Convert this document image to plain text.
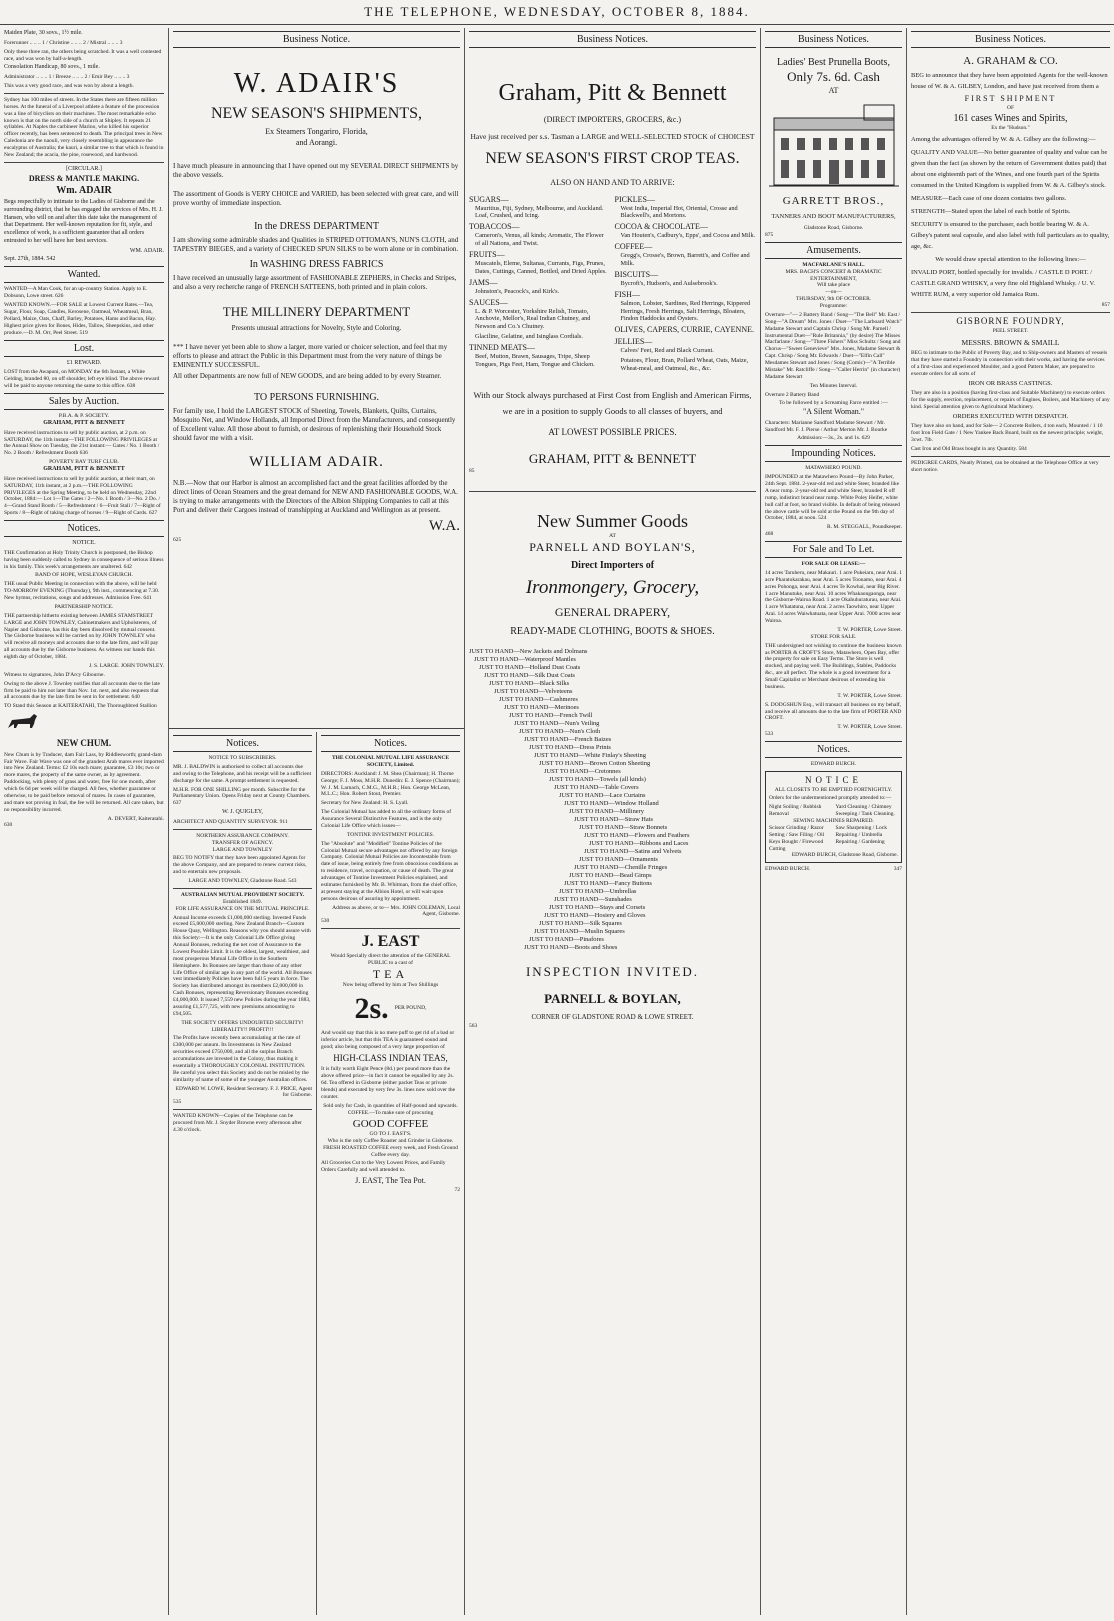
THE TELEPHONE, WEDNESDAY, OCTOBER 8, 1884.
Maiden Plate, 30 sovs., 1½ mile.
Forerunner .. .. .. 1 / Christine .. .. .. 2 / Mistral .. .. .. 3
Only these three ran, the others being scratched. It was a well contested race, and was won by half-a-length.
Consolation Handicap, 80 sovs., 1 mile.
Administrator .. .. .. 1 / Breeze .. .. .. 2 / Emir Bey .. .. .. 3
This was a very good race, and was won by about a length.
Sydney has 100 miles of streets. In the States there are fifteen million horses. At the funeral of a Liverpool athlete a feature of the procession was a line of bicyclists on their machines. The most remarkable echo known is that on the north side of a church at Shipley. It repeats 21 syllables. At Naples the carbineer Marino, who killed his superior officer recently, has been sentenced to death. The principal trees in New Caledonia are the naouli, very closely resembling in appearance the eucalyptus of Australia; the kauri, a similar tree to that which is found in New Zealand; the acacia, the pine, rosewood, and hardwood.
[CIRCULAR.]
DRESS & MANTLE MAKING.
Wm. ADAIR
Begs respectfully to intimate to the Ladies of Gisborne and the surrounding district, that he has engaged the services of Mrs. H. J. Hansen, who will on and after this date take the management of that Department. Her well-known reputation for fit, style, and excellence of work, is a sufficient guarantee that all orders entrusted to her will have her best services.
WM. ADAIR.
Sept. 27th, 1884. 542
Wanted.
WANTED—A Man Cook, for an up-country Station. Apply to E. Dobsonn, Lowe street. 626
WANTED KNOWN.—FOR SALE at Lowest Current Rates.—Tea, Sugar, Flour, Soap, Candles, Kerosene, Oatmeal, Wheatmeal, Bran, Pollard, Maize, Oats, Chaff, Barley, Potatoes, Hams and Bacon, Hay. Highest price given for Bones, Hides, Tallow, Sheepskins, and other produce.—D. M. Orr, Peel Street. 519
Lost.
£1 REWARD.
LOST from the Awapuni, on MONDAY the 6th Instant, a White Gelding, branded 80, on off shoulder, left eye blind. The above reward will be paid to anyone returning the same to this office. 638
Sales by Auction.
P.B.A. & P. SOCIETY.
GRAHAM, PITT & BENNETT
Have received instructions to sell by public auction, at 2 p.m. on SATURDAY, the 11th instant—THE FOLLOWING PRIVILEGES at the Annual Show on Tuesday, the 21st instant:— Gates / No. 1 Booth / No. 2 Booth / Refreshment Booth 636
POVERTY BAY TURF CLUB.
GRAHAM, PITT & BENNETT
Have received instructions to sell by public auction, at their mart, on SATURDAY, 11th instant, at 2 p.m.—THE FOLLOWING PRIVILEGES at the Spring Meeting, to be held on Wednesday, 22nd October, 1884:— Lot 1—The Gates / 2—No. 1 Booth / 3—No. 2 Do. / 4—Grand Stand Booth / 5—Refreshment / 6—Fruit Stall / 7—Right of Sports / 8—Right of taking charge of horses / 9—Right of Cards. 627
Notices.
NOTICE.
THE Confirmation at Holy Trinity Church is postponed, the Bishop having been suddenly called to Sydney in consequence of serious illness in his family. This week's arrangements are unaltered. 642
BAND OF HOPE, WESLEYAN CHURCH.
THE usual Public Meeting in connection with the above, will be held TO-MORROW EVENING (Thursday), 9th inst., commencing at 7.30. New hymns, recitations, songs and addresses. Admission Free. 641
PARTNERSHIP NOTICE.
THE partnership hitherto existing between JAMES STAMSTREET LARGE and JOHN TOWNLEY, Cabinetmakers and Upholsterers, of Napier and Gisborne, has this day been dissolved by mutual consent. The Gisborne business will be carried on by JOHN TOWNLEY who will receive all moneys and accounts due to the late firm, and will pay all accounts due by the Gisborne business. As witness our hands this eighth day of October, 1884.
J. S. LARGE. JOHN TOWNLEY.
Witness to signatures, John D'Arcy Gibourne.
Owing to the above J. Townley notifies that all accounts due to the late firm be paid to him not later than Nov. 1st. next, and also requests that all accounts due by the late firm be sent in for settlement. 640
TO Stand this Season at KAITERATAHI, The Thoroughbred Stallion
NEW CHUM.
New Chum is by Traducer, dam Fair Lass, by Riddlesworth; grand-dam Fair Wave. Fair Wave was one of the grandest Arab mares ever imported into New Zealand. Terms: £2 10s each mare; guarantee, £3 10s; two or more mares, the property of the same owner, as by agreement. Paddocking, with plenty of grass and water, free for one month, after which 6s 6d per week will be charged. All fees, whether guarantee or otherwise, to be paid before removal of mares. In cases of guarantee, and mare not proving in foal, the fee will be returned. All care taken, but no responsibility incurred.
A. DEVERT, Kaiteratahi.
630
Business Notice.
W. ADAIR'S
NEW SEASON'S SHIPMENTS,
Ex Steamers Tongariro, Florida,
and Aorangi.
I have much pleasure in announcing that I have opened out my SEVERAL DIRECT SHIPMENTS by the above vessels.
The assortment of Goods is VERY CHOICE and VARIED, has been selected with great care, and will prove worthy of immediate inspection.
In the DRESS DEPARTMENT
I am showing some admirable shades and Qualities in STRIPED OTTOMAN'S, NUN'S CLOTH, and TAPESTRY BIEGES, and a variety of CHECKED SPUN SILKS to be worn alone or in combination.
In WASHING DRESS FABRICS
I have received an unusually large assortment of FASHIONABLE ZEPHERS, in Checks and Stripes, and also a very recherche range of FRENCH SATTEENS, both printed and in plain colors.
THE MILLINERY DEPARTMENT
Presents unusual attractions for Novelty, Style and Coloring.
*** I have never yet been able to show a larger, more varied or choicer selection, and feel that my efforts to please and attract the Public in this Department must from the very nature of things be EMINENTLY SUCCESSFUL.
All other Departments are now full of NEW GOODS, and are being added to by every Steamer.
TO PERSONS FURNISHING.
For family use, I hold the LARGEST STOCK of Sheeting, Towels, Blankets, Quilts, Curtains, Mosquito Net, and Window Hollands, all Imported Direct from the Manufacturers, and consequently of Excellent value. All those about to furnish, or desirous of replenishing their Household Stock should favor me with a visit.
WILLIAM ADAIR.
N.B.—Now that our Harbor is almost an accomplished fact and the great facilities afforded by the direct lines of Ocean Steamers and the great demand for NEW AND FASHIONABLE GOODS, W.A. is trying to make arrangements with the Directors of the Albion Shipping Companies to call at this Port and deliver their Cargoes instead of transhipping at Auckland and Wellington as at present.
W.A.
625
Notices.
NOTICE TO SUBSCRIBERS.
MR. J. BALDWIN is authorised to collect all accounts due and owing to the Telephone, and his receipt will be a sufficient discharge for the same. A prompt settlement is requested.
M.H.R. FOR ONE SHILLING per month. Subscribe for the Parliamentary Union. Opens Friday next at County Chambers. 637
W. J. QUIGLEY,
ARCHITECT AND QUANTITY SURVEYOR. 911
NORTHERN ASSURANCE COMPANY.
TRANSFER OF AGENCY.
LARGE AND TOWNLEY
BEG TO NOTIFY that they have been appointed Agents for the above Company, and are prepared to renew current risks, and to entertain new proposals.
LARGE AND TOWNLEY, Gladstone Road. 543
AUSTRALIAN MUTUAL PROVIDENT SOCIETY.
Established 1849.
FOR LIFE ASSURANCE ON THE MUTUAL PRINCIPLE.
Annual Income exceeds £1,000,000 sterling. Invested Funds exceed £5,000,000 sterling. New Zealand Branch—Custom House Quay, Wellington. Reasons why you should assure with this Society:—It is the only Colonial Life Office giving Annual Bonuses, reducing the net cost of Assurance to the Lowest Possible Limit. It is the oldest, largest, wealthiest, and most prosperous Mutual Life Office in the Southern Hemisphere. Its Bonuses are larger than those of any other Life Office of similar age in any part of the world. All Bonuses vest immediately Policies have been full 5 years in force. The Society has distributed amongst its members £2,000,000 in Cash Bonuses, representing Reversionary Bonuses exceeding £4,000,000. It issued 7,559 new Policies during the year 1883, assuring £1,577,725, with new premiums amounting to £94,505.
THE SOCIETY OFFERS UNDOUBTED SECURITY! LIBERALITY!! PROFIT!!!
The Profits have recently been accumulating at the rate of £300,000 per annum. Its Investments in New Zealand securities exceed £750,000, and all the surplus Branch accumulations are invested in the Colony, thus making it essentially a THOROUGHLY COLONIAL INSTITUTION. Be careful you select this Society and do not be misled by the similarity of name of some of the younger Australian offices.
EDWARD W. LOWE, Resident Secretary. F. J. PRICE, Agent for Gisborne.
535
WANTED KNOWN—Copies of the Telephone can be procured from Mr. J. Snyder Browne every afternoon after 4.30 o'clock.
Notices.
THE COLONIAL MUTUAL LIFE ASSURANCE SOCIETY, Limited.
DIRECTORS: Auckland: J. M. Shea (Chairman); H. Thorne George; F. J. Moss, M.H.R. Dunedin: E. J. Spence (Chairman); W. J. M. Larnach, C.M.G., M.H.R.; Hon. George McLean, M.L.C.; Hon. Robert Stout, Premier.
Secretary for New Zealand: H. S. Lyall.
The Colonial Mutual has added to all the ordinary forms of Assurance Several Distinctive Features, and is the only Colonial Life Office which issues—
TONTINE INVESTMENT POLICIES.
The "Absolute" and "Modified" Tontine Policies of the Colonial Mutual secure advantages not offered by any foreign Company. Colonial Mutual Policies are Incontestable from date of issue, being entirely free from obnoxious conditions as to residence, travel, occupation, or cause of death. The great advantages of Tontine Investment Policies explained, and estimates furnished by Mr. B. Whitman, from the chief office, at present staying at the Albion Hotel, or will wait upon persons desirous of assuring by appointment.
Address as above, or to— Mrs. JOHN COLEMAN, Local Agent, Gisborne.
530
J. EAST
Would Specially direct the attention of the GENERAL PUBLIC to a cast of
TEA
Now being offered by him at Two Shillings
2s. PER POUND,
And would say that this is no mere puff to get rid of a bad or inferior article, but that this TEA is guaranteed sound and good; also being composed of a very large proportion of
HIGH-CLASS INDIAN TEAS,
It is fully worth Eight Pence (8d.) per pound more than the above offered price—in fact it cannot be equalled by any 2s. 6d. Tea offered in Gisborne (either packet Teas or private blends) and executed by very few 3s. lines now sold over the counter.
Sold only for Cash, in quantities of Half-pound and upwards.
COFFEE.—To make sure of procuring
GOOD COFFEE
GO TO J. EAST'S.
Who is the only Coffee Roaster and Grinder in Gisborne.
FRESH ROASTED COFFEE every week, and Fresh Ground Coffee every day.
All Groceries Cut to the Very Lowest Prices, and Family Orders Carefully and well attended to.
J. EAST, The Tea Pot.
72
Business Notices.
Graham, Pitt & Bennett
(DIRECT IMPORTERS, GROCERS, &c.)
Have just received per s.s. Tasman a LARGE and WELL-SELECTED STOCK of CHOICEST
NEW SEASON'S FIRST CROP TEAS.
ALSO ON HAND AND TO ARRIVE:
SUGARS—
Mauritius, Fiji, Sydney, Melbourne, and Auckland. Loaf, Crushed, and Icing.
TOBACCOS—
Cameron's, Venus, all kinds; Aromatic, The Flower of all Nations, and Twist.
FRUITS—
Muscatels, Eleme, Sultanas, Currants, Figs, Prunes, Dates, Cuttings, Canned, Bottled, and Dried Apples.
JAMS—
Johnston's, Peacock's, and Kirk's.
SAUCES—
L. & P. Worcester, Yorkshire Relish, Tomato, Anchovie, Mellor's, Real Indian Chutney, and Newson and Co.'s Chutney.
Glaciline, Gelatine, and Isinglass Cordials.
TINNED MEATS—
Beef, Mutton, Brawn, Sausages, Tripe, Sheep Tongues, Pigs Feet, Ham, Tongue and Chicken.
PICKLES—
West India, Imperial Hot, Oriental, Crosse and Blackwell's, and Mortons.
COCOA & CHOCOLATE—
Van Houten's, Cadbury's, Epps', and Cocoa and Milk.
COFFEE—
Gregg's, Crosse's, Brown, Barrett's, and Coffee and Milk.
BISCUITS—
Bycroft's, Hudson's, and Aulsebrook's.
FISH—
Salmon, Lobster, Sardines, Red Herrings, Kippered Herrings, Fresh Herrings, Salt Herrings, Bloaters, Findon Haddocks and Oysters.
OLIVES, CAPERS, CURRIE, CAYENNE.
JELLIES—
Calves' Feet, Red and Black Currant.
Potatoes, Flour, Bran, Pollard Wheat, Oats, Maize, Wheat-meal, and Oatmeal, &c., &c.
With our Stock always purchased at First Cost from English and American Firms, we are in a position to supply Goods to all classes of buyers, and
AT LOWEST POSSIBLE PRICES.
GRAHAM, PITT & BENNETT
85
New Summer Goods
AT
PARNELL AND BOYLAN'S,
Direct Importers of
Ironmongery, Grocery,
GENERAL DRAPERY,
READY-MADE CLOTHING, BOOTS & SHOES.
JUST TO HAND—New Jackets and Dolmans
JUST TO HAND—Waterproof Mantles
JUST TO HAND—Holland Dust Coats
JUST TO HAND—Silk Dust Coats
JUST TO HAND—Black Silks
JUST TO HAND—Velveteens
JUST TO HAND—Cashmeres
JUST TO HAND—Merinoes
JUST TO HAND—French Twill
JUST TO HAND—Nun's Veiling
JUST TO HAND—Nun's Cloth
JUST TO HAND—French Baizes
JUST TO HAND—Dress Prints
JUST TO HAND—White Finlay's Sheeting
JUST TO HAND—Brown Cotton Sheeting
JUST TO HAND—Cretonnes
JUST TO HAND—Towels (all kinds)
JUST TO HAND—Table Covers
JUST TO HAND—Lace Curtains
JUST TO HAND—Window Holland
JUST TO HAND—Millinery
JUST TO HAND—Straw Hats
JUST TO HAND—Straw Bonnets
JUST TO HAND—Flowers and Feathers
JUST TO HAND—Ribbons and Laces
JUST TO HAND—Satins and Velvets
JUST TO HAND—Ornaments
JUST TO HAND—Chenille Fringes
JUST TO HAND—Bead Gimps
JUST TO HAND—Fancy Buttons
JUST TO HAND—Umbrellas
JUST TO HAND—Sunshades
JUST TO HAND—Stays and Corsets
JUST TO HAND—Hosiery and Gloves
JUST TO HAND—Silk Squares
JUST TO HAND—Muslin Squares
JUST TO HAND—Pinafores
JUST TO HAND—Boots and Shoes
INSPECTION INVITED.
PARNELL & BOYLAN,
CORNER OF GLADSTONE ROAD & LOWE STREET.
563
Business Notices.
Ladies' Best Prunella Boots,
Only 7s. 6d. Cash
AT
GARRETT BROS.,
TANNERS AND BOOT MANUFACTURERS,
Gladstone Road, Gisborne.
875
Amusements.
MACFARLANE'S HALL.
MRS. BACH'S CONCERT & DRAMATIC ENTERTAINMENT,
Will take place
—on—
THURSDAY, 9th OF OCTOBER.
Programme:
Overture—"— 2 Battery Band / Song—"The Bell" Mr. East / Song—"A Dream" Mrs. Jones / Duet—"The Larboard Watch" Madame Stewart and Captain Chrisp / Song Mr. Parnell / Instrumental Duet—"Rule Britannia," (by desire) The Misses Macfarlane / Song—"Three Fishers" Miss Schultz / Song and Chorus—"Sweet Genevieve" Mrs. Jones, Madame Stewart & Capt. Chrisp / Song Mr. Edwards / Duet—"Elfin Call" Mesdames Stewart and Jones / Song (Comic)—"A Terrible Mistake" Mr. Ratcliffe / Song—"Caller Herrin" (in character) Madame Stewart
Ten Minutes Interval.
Overture 2 Battery Band
To be followed by a Screaming Farce entitled :—
"A Silent Woman."
Characters: Marianne Sandford Madame Stewart / Mr. Sandford Mr. F. J. Pierse / Arthur Merton Mr. J. Bourke
Admission:—3s., 2s. and 1s. 629
Impounding Notices.
MATAWHERO POUND.
IMPOUNDED at the Matawhero Pound—By John Parker, 24th Sept. 1884. 2-year-old red and white Steer, branded like A near rump. 2-year-old red and white Steer, branded R off rump, indistinct brand near rump. White Poley Heifer, white bull calf at foot, no brand visible. In default of being released the above cattle will be sold at the Pound on the 9th day of October, 1884, at noon. 524
R. M. STEGGALL, Poundkeeper.
468
For Sale and To Let.
FOR SALE OR LEASE:—
14 acres Taruheru, near Makauri. 1 acre Pukeiaru, near Arai. 1 acre Pharatokarakau, near Arai. 5 acres Toonamo, near Arai. 4 acres Pohonga, near Arai. 4 acres Te Kowhai, near Big River. 1 acre Manutuke, near Arai. 10 acres Whakaongaonga, near the Gisborne-Wairoa Road. 1 acre Okahuhuraturau, near Arai. 1 acre Whatatuna, near Arai. 2 acres Taowhiro, near Upper Arai. 14 acres Waiwhatuata, near Upper Arai. 7000 acres near Wairoa.
T. W. PORTER, Lowe Street.
STORE FOR SALE.
THE undersigned not wishing to continue the business known as PORTER & CROFT'S Store, Matawhero, Open Bay, offer the property for sale on Easy Terms. The Store is well stocked, and paying well. The Buildings, Stables, Paddocks &c., are all perfect. The whole is a good investment for a Small Capitalist or Merchant desirous of extending his business.
T. W. PORTER, Lowe Street.
S. DODGSHUN Esq., will transact all business on my behalf, and receive all amounts due to the late firm of PORTER AND CROFT.
T. W. PORTER, Lowe Street.
533
Notices.
EDWARD BURCH.
NOTICE
ALL CLOSETS TO BE EMPTIED FORTNIGHTLY.
Orders for the undermentioned promptly attended to:—
Night Soiling / Rubbish Removal
Yard Cleaning / Chimney Sweeping / Tank Cleaning.
SEWING MACHINES REPAIRED.
Scissor Grinding / Razor Setting / Saw Filing / Oil Keys Bought / Firewood Cutting
Saw Sharpening / Lock Repairing / Umbrella Repairing / Gardening
EDWARD BURCH, Gladstone Road, Gisborne.
EDWARD BURCH.	347
Business Notices.
A. GRAHAM & CO.
BEG to announce that they have been appointed Agents for the well-known house of W. & A. GILBEY, London, and have just received from them a
FIRST SHIPMENT
OF
161 cases Wines and Spirits,
Ex the "Hudson."
Among the advantages offered by W. & A. Gilbey are the following:—
QUALITY AND VALUE—No better guarantee of quality and value can be given than the fact (as shown by the return of Government duties paid) that about one eighteenth part of the Wines, and one fourth part of the Spirits consumed in the United Kingdom is supplied from W. & A. Gilbey's stock.
MEASURE—Each case of one dozen contains two gallons.
STRENGTH—Stated upon the label of each bottle of Spirits.
SECURITY is ensured to the purchaser, each bottle bearing W. & A. Gilbey's patent seal capsule, and also label with full particulars as to quality, age, &c.
We would draw special attention to the following lines:—
INVALID PORT, bottled specially for invalids. / CASTLE D PORT. / CASTLE GRAND WHISKY, a very fine old Highland Whisky. / U. V. WHITE RUM, a very superior old Jamaica Rum.
857
GISBORNE FOUNDRY,
PEEL STREET.
MESSRS. BROWN & SMAILL
BEG to intimate to the Public of Poverty Bay, and to Ship-owners and Masters of vessels that they have started a Foundry in connection with their works, and having the services of a first-class and experienced Moulder, and a good Pattern Maker, are prepared to execute orders for all sorts of
IRON OR BRASS CASTINGS.
They are also in a position (having first-class and Suitable Machinery) to execute orders for the supply, erection, replacement, or repairs of Engines, Boilers, and Machinery of any kind. Special attention given to Agricultural Machinery.
ORDERS EXECUTED WITH DESPATCH.
They have also on hand, and for Sale— 2 Concrete Rollers, 4 ton each, Mounted / 1 10 foot Iron Field Gate / 1 New Yankee Back Board, built on the newest principle; weight, 3cwt. 7lb.
Cast Iron and Old Brass bought in any Quantity. 584
PEDIGREE CARDS, Neatly Printed, can be obtained at the Telephone Office at very short notice.
